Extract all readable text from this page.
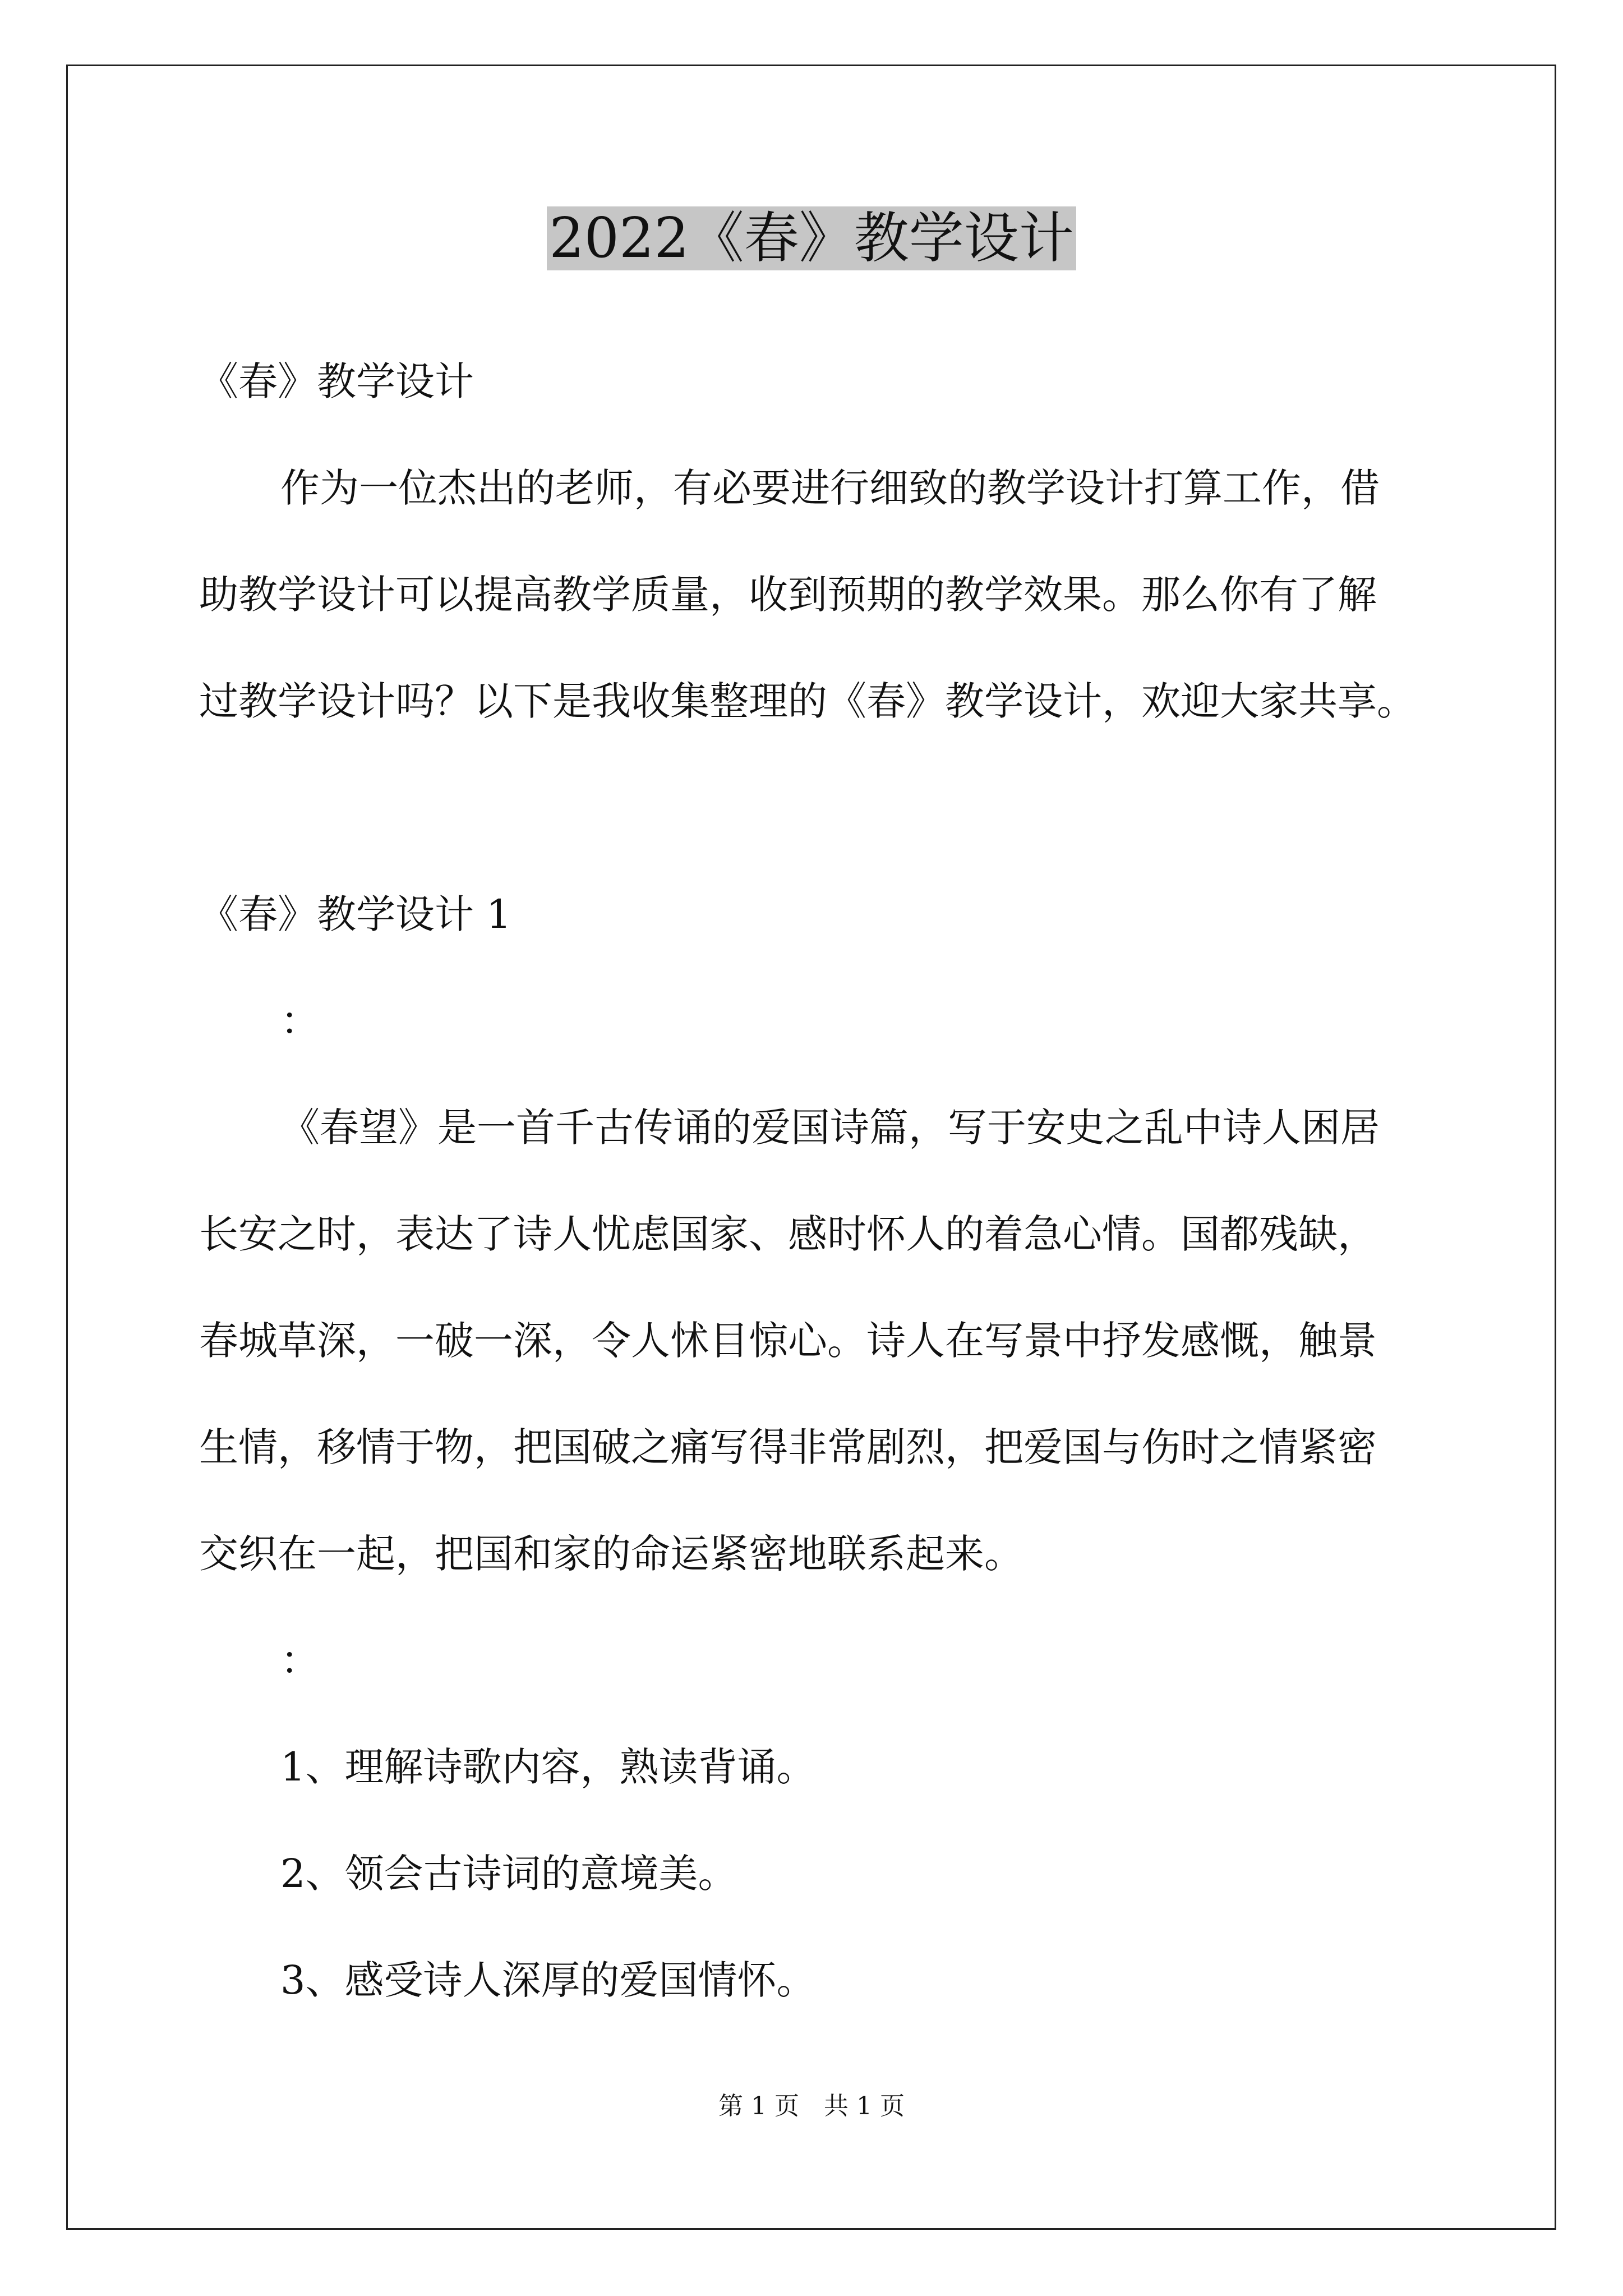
2022《春》教学设计
《春》教学设计
作为一位杰出的老师，有必要进行细致的教学设计打算工作，借
助教学设计可以提高教学质量，收到预期的教学效果。那么你有了解
过教学设计吗？以下是我收集整理的《春》教学设计，欢迎大家共享。
《春》教学设计 1
：
《春望》是一首千古传诵的爱国诗篇，写于安史之乱中诗人困居
长安之时，表达了诗人忧虑国家、感时怀人的着急心情。国都残缺，
春城草深，一破一深，令人怵目惊心。诗人在写景中抒发感慨，触景
生情，移情于物，把国破之痛写得非常剧烈，把爱国与伤时之情紧密
交织在一起，把国和家的命运紧密地联系起来。
：
1、理解诗歌内容，熟读背诵。
2、领会古诗词的意境美。
3、感受诗人深厚的爱国情怀。
第 1 页　共 1 页
